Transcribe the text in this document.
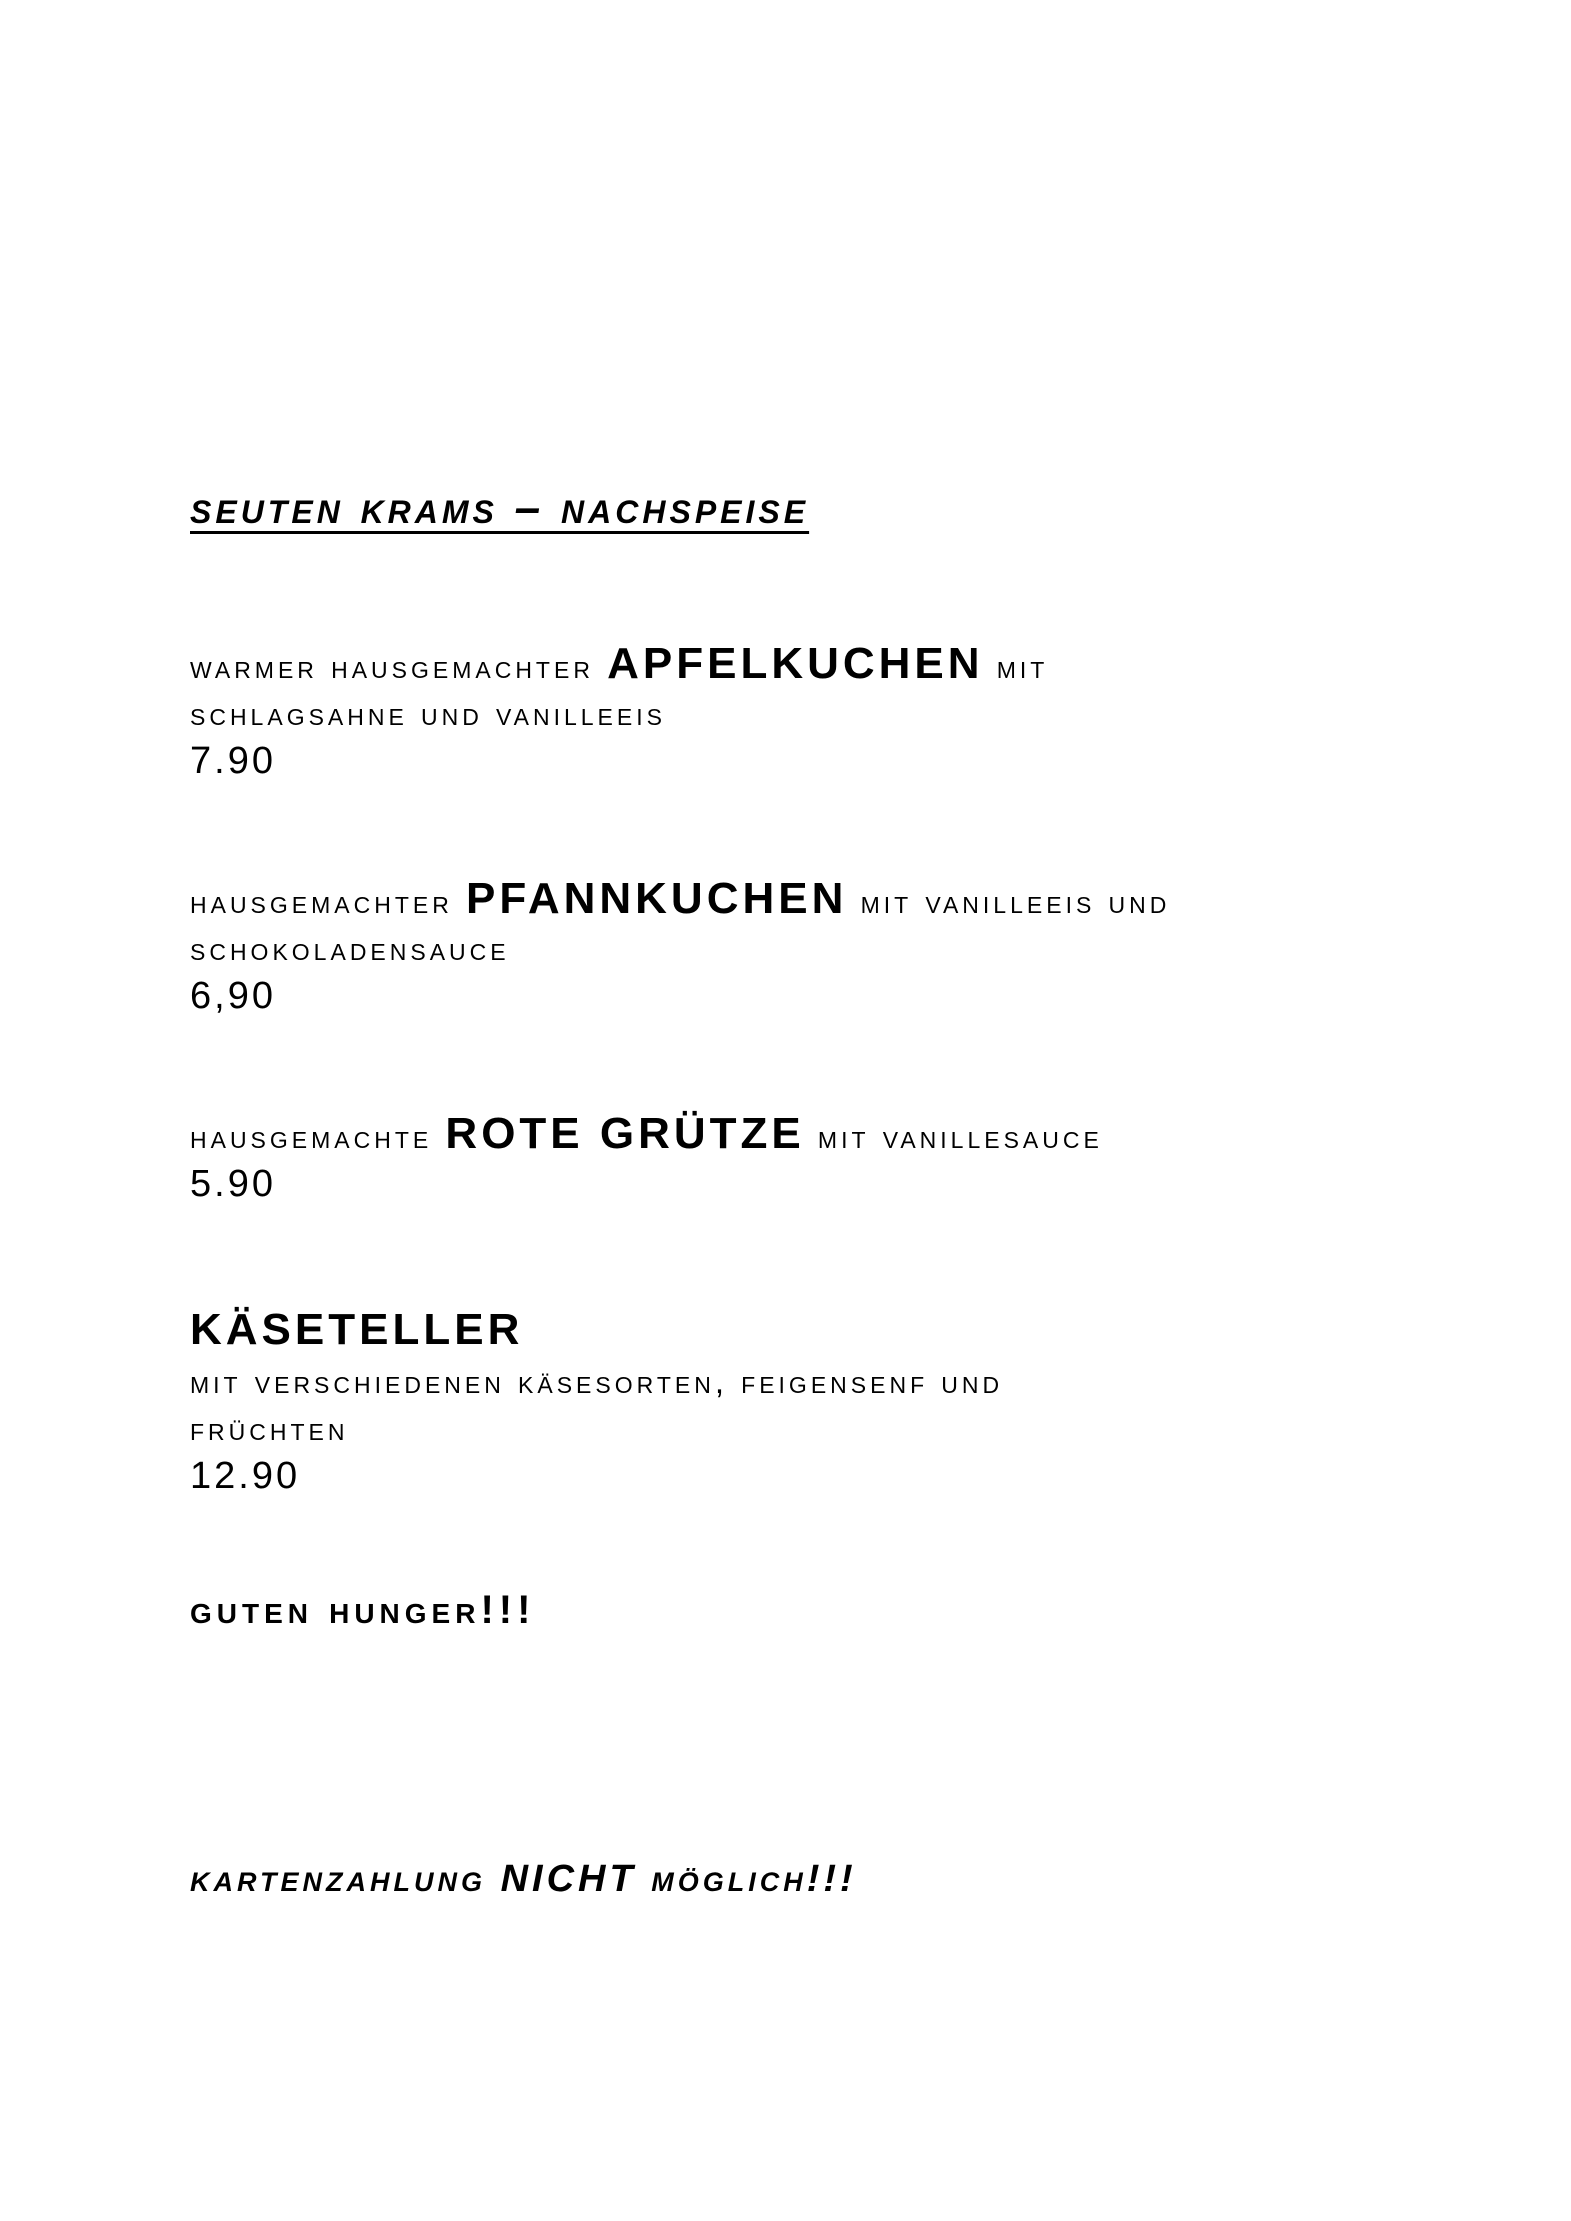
seuten krams – nachspeise

warmer hausgemachter APFELKUCHEN mit

schlagsahne und vanilleeis

7.90

hausgemachter PFANNKUCHEN mit vanilleeis und

schokoladensauce

6,90

hausgemachte ROTE GRÜTZE mit vanillesauce

5.90

KÄSETELLER

mit verschiedenen käsesorten, feigensenf und

früchten

12.90

guten hunger!!!
kartenzahlung NICHT möglich!!!
